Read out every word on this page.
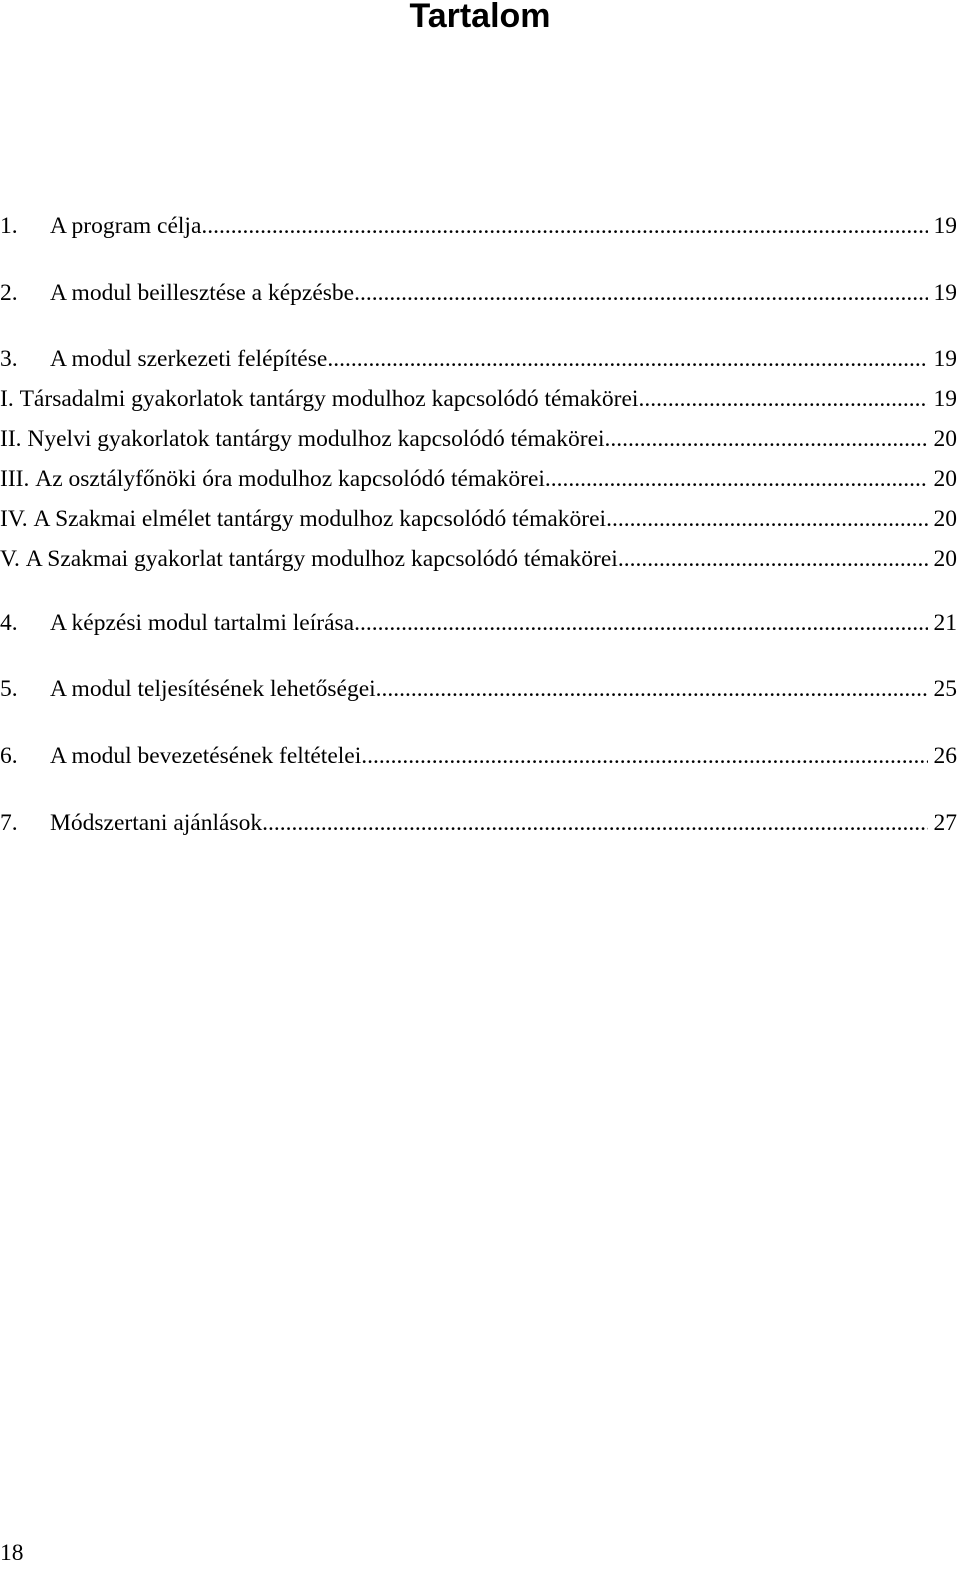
Tartalom
1.	A program célja .....	19
2.	A modul beillesztése a képzésbe .....	19
3.	A modul szerkezeti felépítése .....	19
I. Társadalmi gyakorlatok tantárgy modulhoz kapcsolódó témakörei .....	19
II. Nyelvi gyakorlatok tantárgy modulhoz kapcsolódó témakörei .....	20
III. Az osztályfőnöki óra modulhoz kapcsolódó témakörei .....	20
IV. A Szakmai elmélet tantárgy modulhoz kapcsolódó témakörei .....	20
V. A Szakmai gyakorlat tantárgy modulhoz kapcsolódó témakörei .....	20
4.	A képzési modul tartalmi leírása .....	21
5.	A modul teljesítésének lehetőségei .....	25
6.	A modul bevezetésének feltételei .....	26
7.	Módszertani ajánlások .....	27
18
